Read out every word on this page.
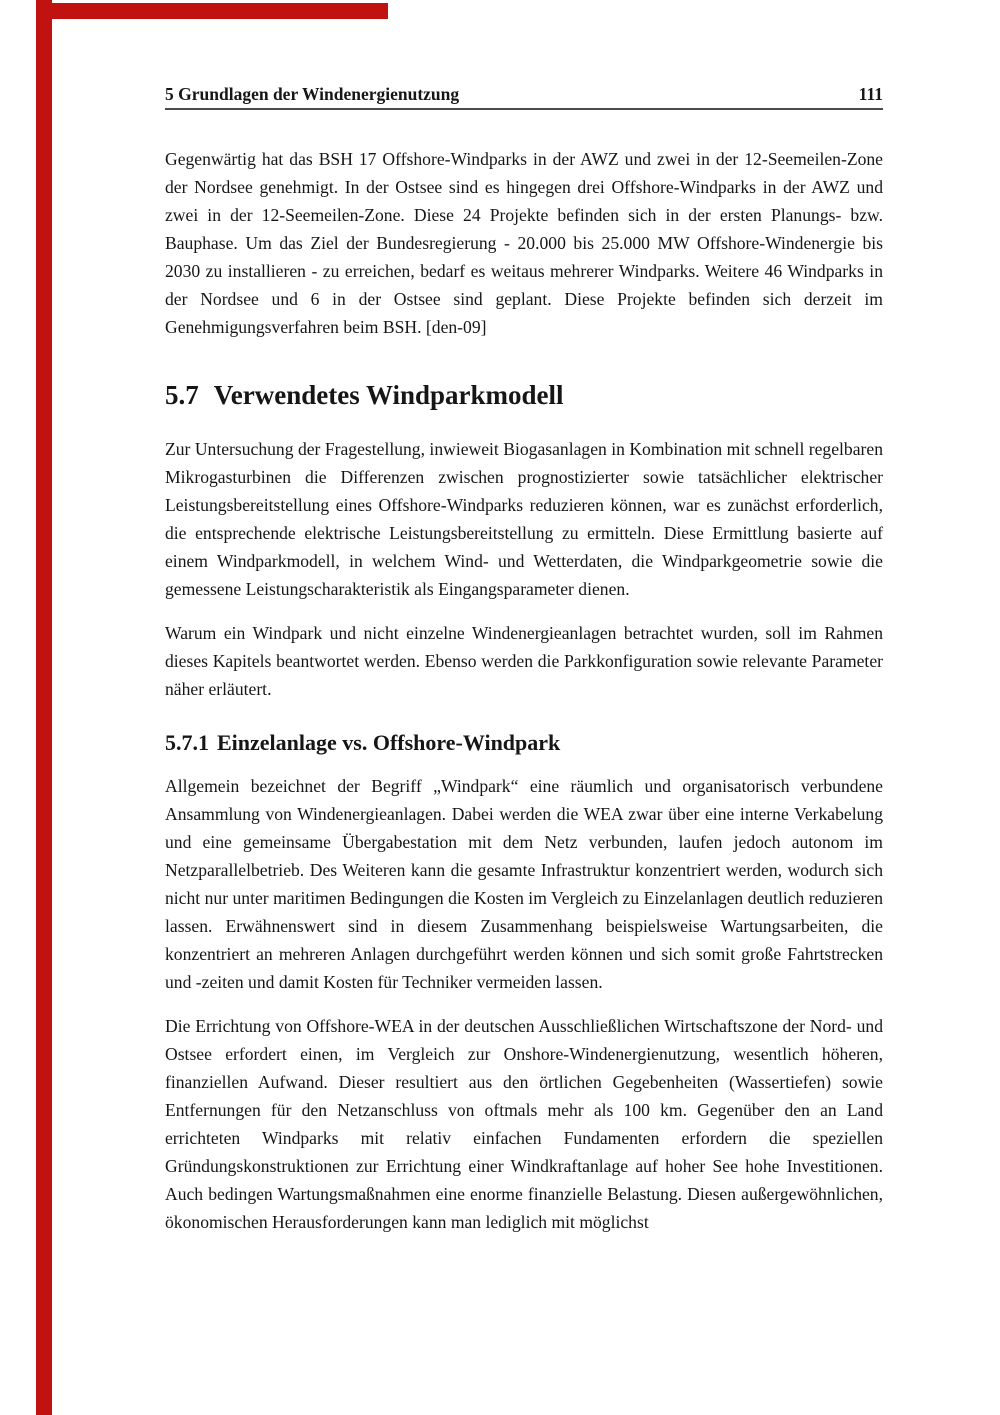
5 Grundlagen der Windenergienutzung	111

Gegenwärtig hat das BSH 17 Offshore-Windparks in der AWZ und zwei in der 12-Seemeilen-Zone der Nordsee genehmigt. In der Ostsee sind es hingegen drei Offshore-Windparks in der AWZ und zwei in der 12-Seemeilen-Zone. Diese 24 Projekte befinden sich in der ersten Planungs- bzw. Bauphase. Um das Ziel der Bundesregierung - 20.000 bis 25.000 MW Offshore-Windenergie bis 2030 zu installieren - zu erreichen, bedarf es weitaus mehrerer Windparks. Weitere 46 Windparks in der Nordsee und 6 in der Ostsee sind geplant. Diese Projekte befinden sich derzeit im Genehmigungsverfahren beim BSH. [den-09]

5.7 Verwendetes Windparkmodell

Zur Untersuchung der Fragestellung, inwieweit Biogasanlagen in Kombination mit schnell regelbaren Mikrogasturbinen die Differenzen zwischen prognostizierter sowie tatsächlicher elektrischer Leistungsbereitstellung eines Offshore-Windparks reduzieren können, war es zunächst erforderlich, die entsprechende elektrische Leistungsbereitstellung zu ermitteln. Diese Ermittlung basierte auf einem Windparkmodell, in welchem Wind- und Wetterdaten, die Windparkgeometrie sowie die gemessene Leistungscharakteristik als Eingangsparameter dienen.

Warum ein Windpark und nicht einzelne Windenergieanlagen betrachtet wurden, soll im Rahmen dieses Kapitels beantwortet werden. Ebenso werden die Parkkonfiguration sowie relevante Parameter näher erläutert.

5.7.1 Einzelanlage vs. Offshore-Windpark

Allgemein bezeichnet der Begriff „Windpark“ eine räumlich und organisatorisch verbundene Ansammlung von Windenergieanlagen. Dabei werden die WEA zwar über eine interne Verkabelung und eine gemeinsame Übergabestation mit dem Netz verbunden, laufen jedoch autonom im Netzparallelbetrieb. Des Weiteren kann die gesamte Infrastruktur konzentriert werden, wodurch sich nicht nur unter maritimen Bedingungen die Kosten im Vergleich zu Einzelanlagen deutlich reduzieren lassen. Erwähnenswert sind in diesem Zusammenhang beispielsweise Wartungsarbeiten, die konzentriert an mehreren Anlagen durchgeführt werden können und sich somit große Fahrtstrecken und -zeiten und damit Kosten für Techniker vermeiden lassen.

Die Errichtung von Offshore-WEA in der deutschen Ausschließlichen Wirtschaftszone der Nord- und Ostsee erfordert einen, im Vergleich zur Onshore-Windenergienutzung, wesentlich höheren, finanziellen Aufwand. Dieser resultiert aus den örtlichen Gegebenheiten (Wassertiefen) sowie Entfernungen für den Netzanschluss von oftmals mehr als 100 km. Gegenüber den an Land errichteten Windparks mit relativ einfachen Fundamenten erfordern die speziellen Gründungskonstruktionen zur Errichtung einer Windkraftanlage auf hoher See hohe Investitionen. Auch bedingen Wartungsmaßnahmen eine enorme finanzielle Belastung. Diesen außergewöhnlichen, ökonomischen Herausforderungen kann man lediglich mit möglichst
